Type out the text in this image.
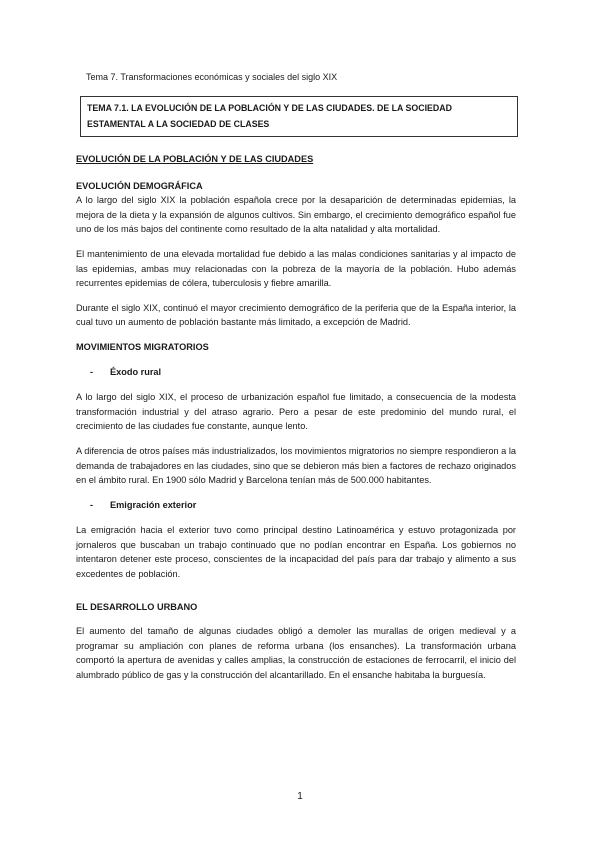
Tema 7. Transformaciones económicas y sociales del siglo XIX
TEMA 7.1. LA EVOLUCIÓN DE LA POBLACIÓN Y DE LAS CIUDADES. DE LA SOCIEDAD
ESTAMENTAL A LA SOCIEDAD DE CLASES
EVOLUCIÓN DE LA POBLACIÓN Y DE LAS CIUDADES
EVOLUCIÓN DEMOGRÁFICA

A lo largo del siglo XIX la población española crece por la desaparición de determinadas epidemias, la mejora de la dieta y la expansión de algunos cultivos. Sin embargo, el crecimiento demográfico español fue uno de los más bajos del continente como resultado de la alta natalidad y alta mortalidad.

El mantenimiento de una elevada mortalidad fue debido a las malas condiciones sanitarias y al impacto de las epidemias, ambas muy relacionadas con la pobreza de la mayoría de la población. Hubo además recurrentes epidemias de cólera, tuberculosis y fiebre amarilla.

Durante el siglo XIX, continuó el mayor crecimiento demográfico de la periferia que de la España interior, la cual tuvo un aumento de población bastante más limitado, a excepción de Madrid.

MOVIMIENTOS MIGRATORIOS
-	Éxodo rural

A lo largo del siglo XIX, el proceso de urbanización español fue limitado, a consecuencia de la modesta transformación industrial y del atraso agrario. Pero a pesar de este predominio del mundo rural, el crecimiento de las ciudades fue constante, aunque lento.

A diferencia de otros países más industrializados, los movimientos migratorios no siempre respondieron a la demanda de trabajadores en las ciudades, sino que se debieron más bien a factores de rechazo originados en el ámbito rural. En 1900 sólo Madrid y Barcelona tenían más de 500.000 habitantes.

-	Emigración exterior

La emigración hacia el exterior tuvo como principal destino Latinoamérica y estuvo protagonizada por jornaleros que buscaban un trabajo continuado que no podían encontrar en España. Los gobiernos no intentaron detener este proceso, conscientes de la incapacidad del país para dar trabajo y alimento a sus excedentes de población.

EL DESARROLLO URBANO

El aumento del tamaño de algunas ciudades obligó a demoler las murallas de origen medieval y a programar su ampliación con planes de reforma urbana (los ensanches). La transformación urbana comportó la apertura de avenidas y calles amplias, la construcción de estaciones de ferrocarril, el inicio del alumbrado público de gas y la construcción del alcantarillado. En el ensanche habitaba la burguesía.

1
